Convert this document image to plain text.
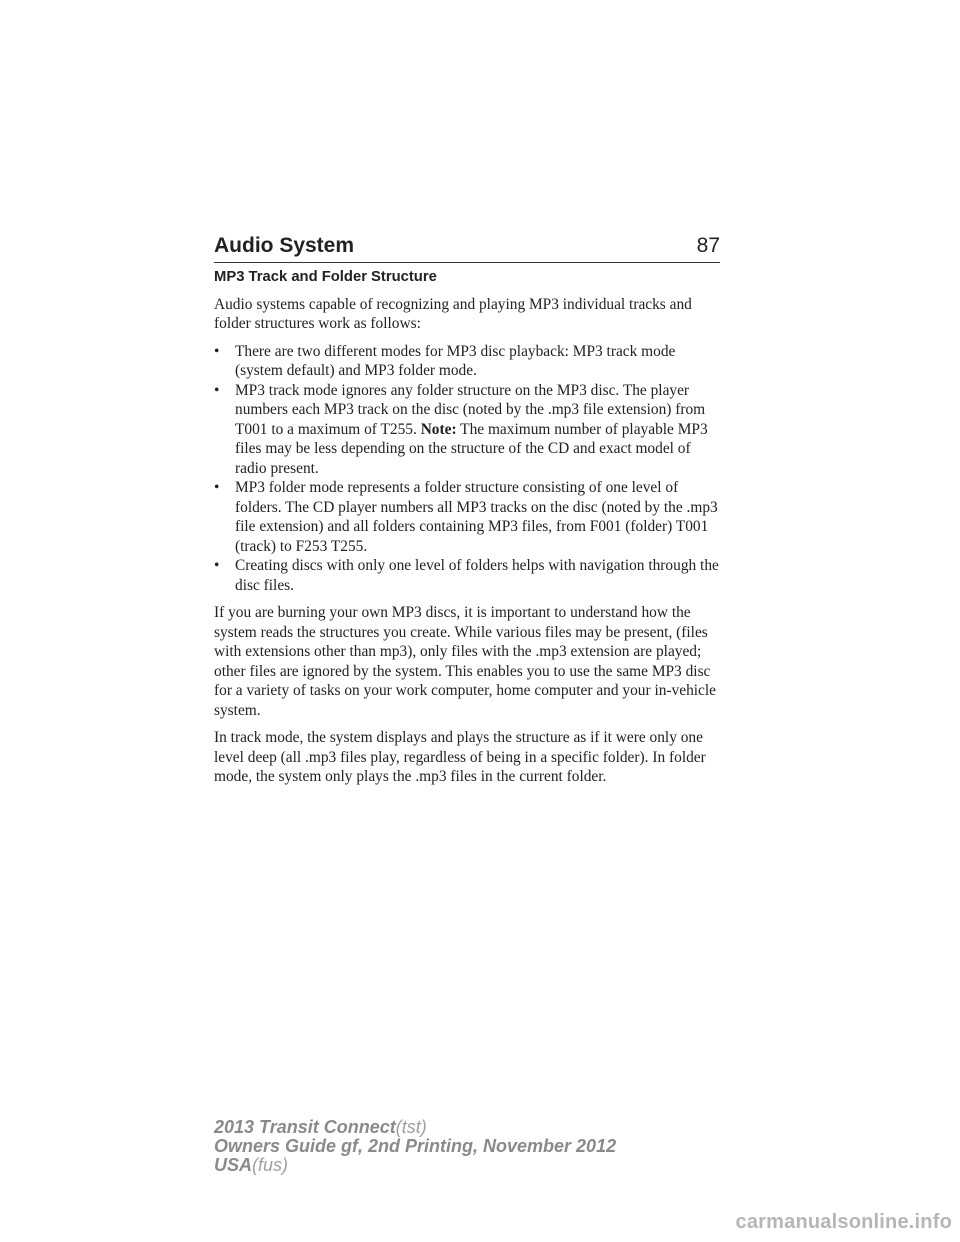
Audio System	87

MP3 Track and Folder Structure

Audio systems capable of recognizing and playing MP3 individual tracks and folder structures work as follows:

• There are two different modes for MP3 disc playback: MP3 track mode (system default) and MP3 folder mode.
• MP3 track mode ignores any folder structure on the MP3 disc. The player numbers each MP3 track on the disc (noted by the .mp3 file extension) from T001 to a maximum of T255. Note: The maximum number of playable MP3 files may be less depending on the structure of the CD and exact model of radio present.
• MP3 folder mode represents a folder structure consisting of one level of folders. The CD player numbers all MP3 tracks on the disc (noted by the .mp3 file extension) and all folders containing MP3 files, from F001 (folder) T001 (track) to F253 T255.
• Creating discs with only one level of folders helps with navigation through the disc files.

If you are burning your own MP3 discs, it is important to understand how the system reads the structures you create. While various files may be present, (files with extensions other than mp3), only files with the .mp3 extension are played; other files are ignored by the system. This enables you to use the same MP3 disc for a variety of tasks on your work computer, home computer and your in-vehicle system.

In track mode, the system displays and plays the structure as if it were only one level deep (all .mp3 files play, regardless of being in a specific folder). In folder mode, the system only plays the .mp3 files in the current folder.

2013 Transit Connect(tst)
Owners Guide gf, 2nd Printing, November 2012
USA(fus)
carmanualsonline.info
